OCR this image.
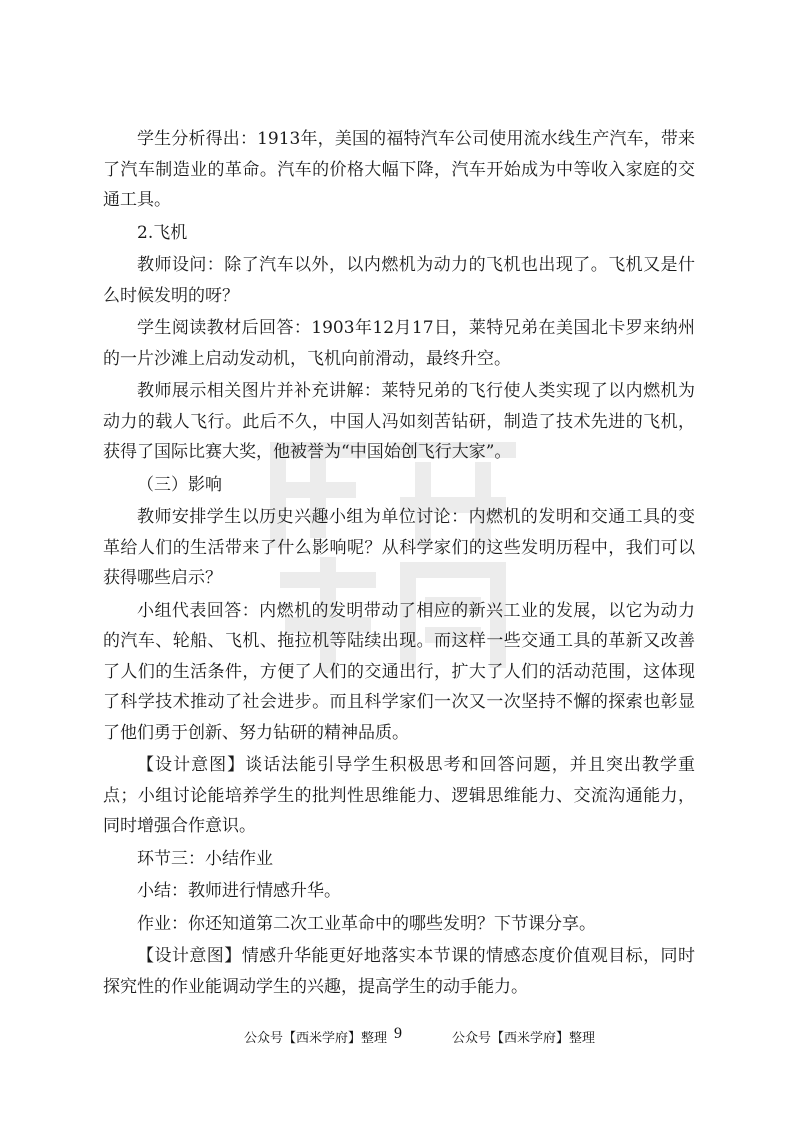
学生分析得出：1913年，美国的福特汽车公司使用流水线生产汽车，带来了汽车制造业的革命。汽车的价格大幅下降，汽车开始成为中等收入家庭的交通工具。

2.飞机

教师设问：除了汽车以外，以内燃机为动力的飞机也出现了。飞机又是什么时候发明的呀？

学生阅读教材后回答：1903年12月17日，莱特兄弟在美国北卡罗来纳州的一片沙滩上启动发动机，飞机向前滑动，最终升空。

教师展示相关图片并补充讲解：莱特兄弟的飞行使人类实现了以内燃机为动力的载人飞行。此后不久，中国人冯如刻苦钻研，制造了技术先进的飞机，获得了国际比赛大奖，他被誉为“中国始创飞行大家”。

（三）影响

教师安排学生以历史兴趣小组为单位讨论：内燃机的发明和交通工具的变革给人们的生活带来了什么影响呢？从科学家们的这些发明历程中，我们可以获得哪些启示？

小组代表回答：内燃机的发明带动了相应的新兴工业的发展，以它为动力的汽车、轮船、飞机、拖拉机等陆续出现。而这样一些交通工具的革新又改善了人们的生活条件，方便了人们的交通出行，扩大了人们的活动范围，这体现了科学技术推动了社会进步。而且科学家们一次又一次坚持不懈的探索也彰显了他们勇于创新、努力钻研的精神品质。

【设计意图】谈话法能引导学生积极思考和回答问题，并且突出教学重点；小组讨论能培养学生的批判性思维能力、逻辑思维能力、交流沟通能力，同时增强合作意识。

环节三：小结作业

小结：教师进行情感升华。

作业：你还知道第二次工业革命中的哪些发明？下节课分享。

【设计意图】情感升华能更好地落实本节课的情感态度价值观目标，同时探究性的作业能调动学生的兴趣，提高学生的动手能力。

公众号【西米学府】整理 9	公众号【西米学府】整理
